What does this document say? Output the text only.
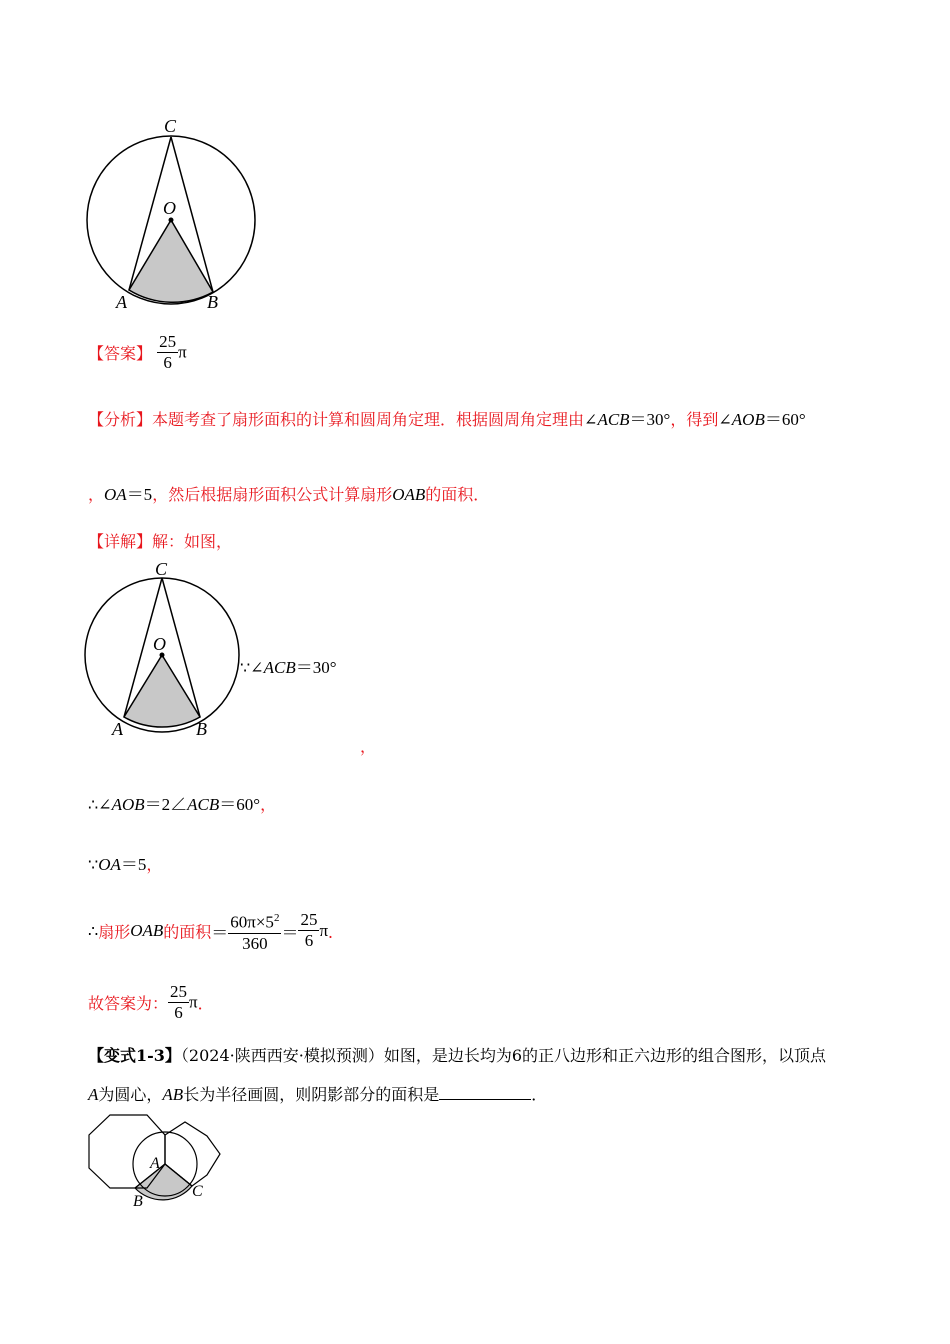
C
O
A	B
【答案】 $\frac{25}{6}$ π
【分析】本题考查了扇形面积的计算和圆周角定理．根据圆周角定理由∠ACB＝30°，得到∠AOB＝60°
，OA＝5，然后根据扇形面积公式计算扇形OAB的面积．
【详解】解：如图，
C
O
A	B
∵∠ACB＝30°
，
∴∠AOB＝2∠ACB＝60°，
∵OA＝5，
∴扇形OAB的面积＝ $\frac{60\pi\times 5^2}{360} = \frac{25}{6}$ π．
故答案为： $\frac{25}{6}$ π．
【变式1-3】（2024·陕西西安·模拟预测）如图，是边长均为6的正八边形和正六边形的组合图形，以顶点
A为圆心，AB长为半径画圆，则阴影部分的面积是	．
A
B
C
